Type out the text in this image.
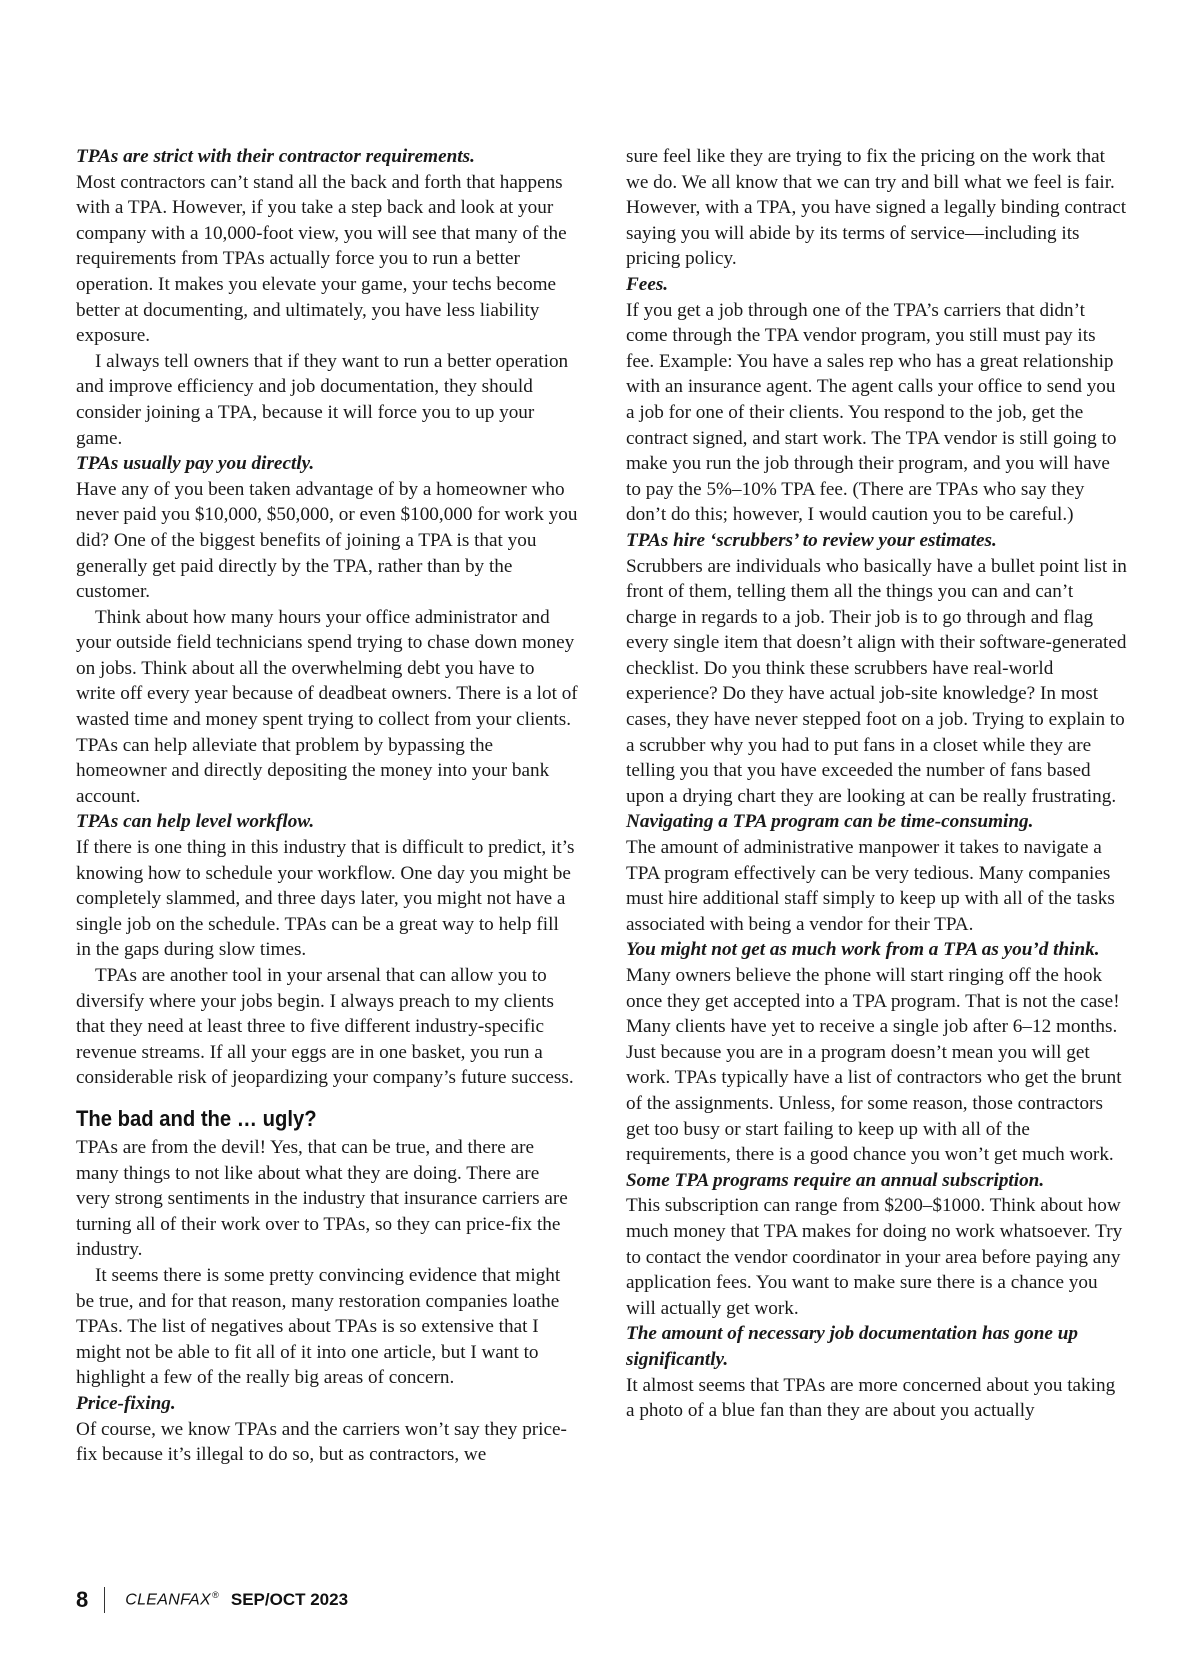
TPAs are strict with their contractor requirements.

Most contractors can’t stand all the back and forth that happens with a TPA. However, if you take a step back and look at your company with a 10,000-foot view, you will see that many of the requirements from TPAs actually force you to run a better operation. It makes you elevate your game, your techs become better at documenting, and ultimately, you have less liability exposure.

I always tell owners that if they want to run a better operation and improve efficiency and job documentation, they should consider joining a TPA, because it will force you to up your game.

TPAs usually pay you directly.

Have any of you been taken advantage of by a homeowner who never paid you $10,000, $50,000, or even $100,000 for work you did? One of the biggest benefits of joining a TPA is that you generally get paid directly by the TPA, rather than by the customer.

Think about how many hours your office administrator and your outside field technicians spend trying to chase down money on jobs. Think about all the overwhelming debt you have to write off every year because of deadbeat owners. There is a lot of wasted time and money spent trying to collect from your clients. TPAs can help alleviate that problem by bypassing the homeowner and directly depositing the money into your bank account.

TPAs can help level workflow.

If there is one thing in this industry that is difficult to predict, it’s knowing how to schedule your workflow. One day you might be completely slammed, and three days later, you might not have a single job on the schedule. TPAs can be a great way to help fill in the gaps during slow times.

TPAs are another tool in your arsenal that can allow you to diversify where your jobs begin. I always preach to my clients that they need at least three to five different industry-specific revenue streams. If all your eggs are in one basket, you run a considerable risk of jeopardizing your company’s future success.

The bad and the … ugly?

TPAs are from the devil! Yes, that can be true, and there are many things to not like about what they are doing. There are very strong sentiments in the industry that insurance carriers are turning all of their work over to TPAs, so they can price-fix the industry.

It seems there is some pretty convincing evidence that might be true, and for that reason, many restoration companies loathe TPAs. The list of negatives about TPAs is so extensive that I might not be able to fit all of it into one article, but I want to highlight a few of the really big areas of concern.

Price-fixing.

Of course, we know TPAs and the carriers won’t say they price-fix because it’s illegal to do so, but as contractors, we

sure feel like they are trying to fix the pricing on the work that we do. We all know that we can try and bill what we feel is fair. However, with a TPA, you have signed a legally binding contract saying you will abide by its terms of service—including its pricing policy.

Fees.

If you get a job through one of the TPA’s carriers that didn’t come through the TPA vendor program, you still must pay its fee. Example: You have a sales rep who has a great relationship with an insurance agent. The agent calls your office to send you a job for one of their clients. You respond to the job, get the contract signed, and start work. The TPA vendor is still going to make you run the job through their program, and you will have to pay the 5%–10% TPA fee. (There are TPAs who say they don’t do this; however, I would caution you to be careful.)

TPAs hire ‘scrubbers’ to review your estimates.

Scrubbers are individuals who basically have a bullet point list in front of them, telling them all the things you can and can’t charge in regards to a job. Their job is to go through and flag every single item that doesn’t align with their software-generated checklist. Do you think these scrubbers have real-world experience? Do they have actual job-site knowledge? In most cases, they have never stepped foot on a job. Trying to explain to a scrubber why you had to put fans in a closet while they are telling you that you have exceeded the number of fans based upon a drying chart they are looking at can be really frustrating.

Navigating a TPA program can be time-consuming.

The amount of administrative manpower it takes to navigate a TPA program effectively can be very tedious. Many companies must hire additional staff simply to keep up with all of the tasks associated with being a vendor for their TPA.

You might not get as much work from a TPA as you’d think.

Many owners believe the phone will start ringing off the hook once they get accepted into a TPA program. That is not the case! Many clients have yet to receive a single job after 6–12 months. Just because you are in a program doesn’t mean you will get work. TPAs typically have a list of contractors who get the brunt of the assignments. Unless, for some reason, those contractors get too busy or start failing to keep up with all of the requirements, there is a good chance you won’t get much work.

Some TPA programs require an annual subscription.

This subscription can range from $200–$1000. Think about how much money that TPA makes for doing no work whatsoever. Try to contact the vendor coordinator in your area before paying any application fees. You want to make sure there is a chance you will actually get work.

The amount of necessary job documentation has gone up significantly.

It almost seems that TPAs are more concerned about you taking a photo of a blue fan than they are about you actually

8 CLEANFAX® SEP/OCT 2023
